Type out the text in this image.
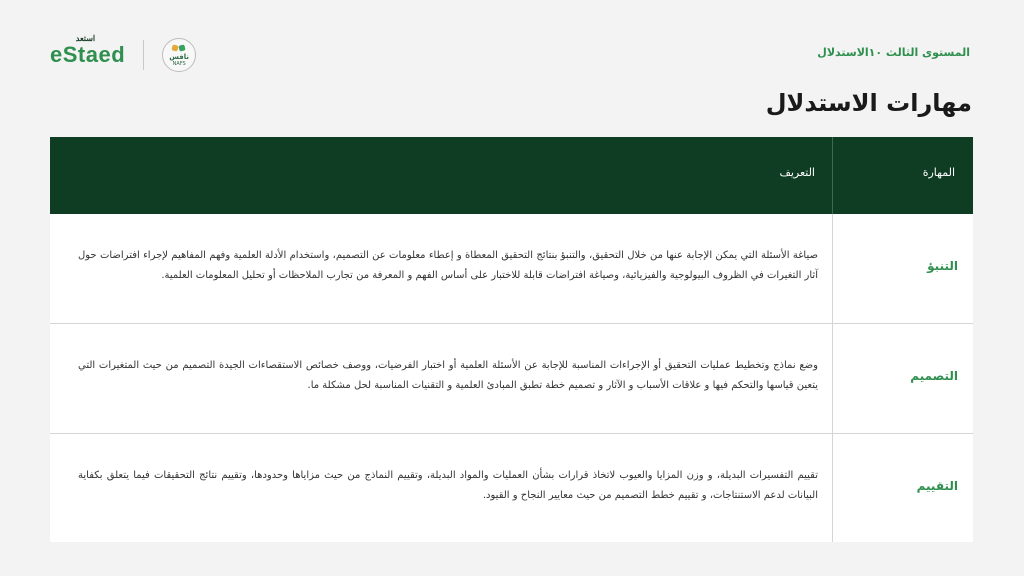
استعد
eStaed	نافس
NAFS
المستوى الثالث ١٠الاستدلال
مهارات الاستدلال
التعريف	المهارة
التنبؤ
صياغة الأسئلة التي يمكن الإجابة عنها من خلال التحقيق، والتنبؤ بنتائج التحقيق المعطاة و إعطاء معلومات عن التصميم، واستخدام الأدلة العلمية وفهم المفاهيم لإجراء افتراضات حول آثار التغيرات في الظروف البيولوجية والفيزيائية، وصياغة افتراضات قابلة للاختبار على أساس الفهم و المعرفة من تجارب الملاحظات أو تحليل المعلومات العلمية.
التصميم
وضع نماذج وتخطيط عمليات التحقيق أو الإجراءات المناسبة للإجابة عن الأسئلة العلمية أو اختبار الفرضيات، ووصف خصائص الاستقصاءات الجيدة التصميم من حيث المتغيرات التي يتعين قياسها والتحكم فيها و علاقات الأسباب و الآثار و تصميم خطة تطبق المبادئ العلمية و التقنيات المناسبة لحل مشكلة ما.
التقييم
تقييم التفسيرات البديلة، و وزن المزايا والعيوب لاتخاذ قرارات بشأن العمليات والمواد البديلة، وتقييم النماذج من حيث مزاياها وحدودها، وتقييم نتائج التحقيقات فيما يتعلق بكفاية البيانات لدعم الاستنتاجات، و تقييم خطط التصميم من حيث معايير النجاح و القيود.
